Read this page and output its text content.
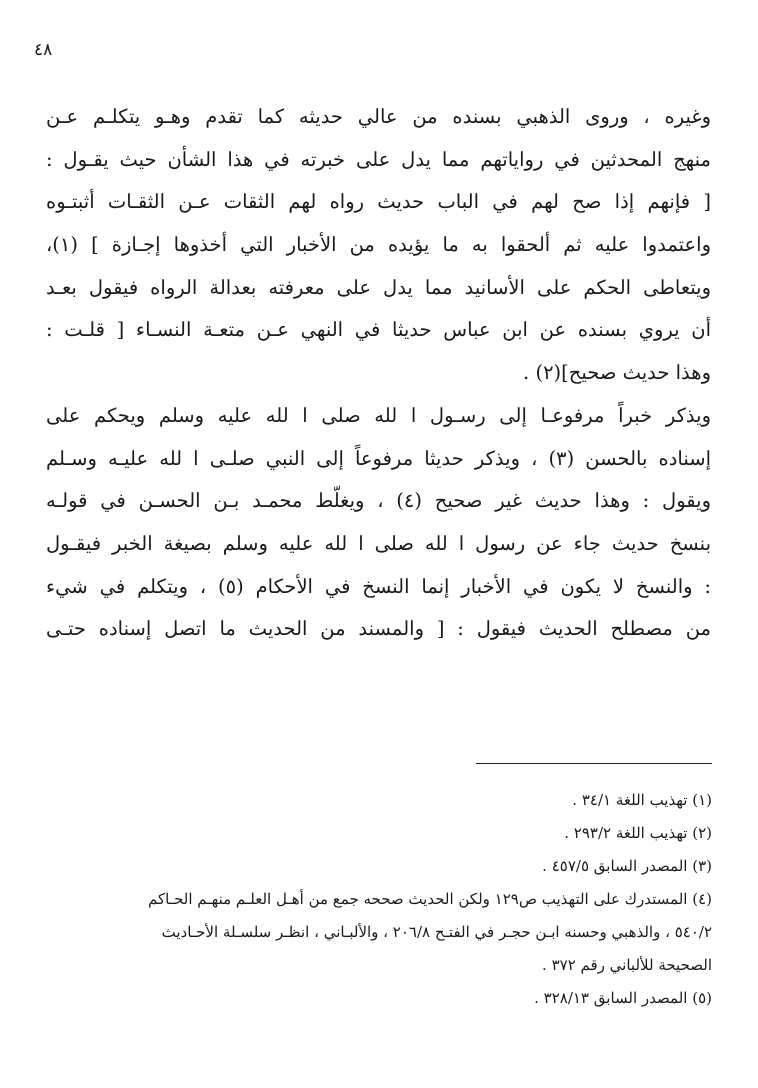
٤٨
وغيره ، وروى الذهبي بسنده من عالي حديثه كما تقدم وهـو يتكلـم عـن
منهج المحدثين في رواياتهم مما يدل على خبرته في هذا الشأن حيث يقـول :
[ فإنهم إذا صح لهم في الباب حديث رواه لهم الثقات عـن الثقـات أثبتـوه
واعتمدوا عليه ثم ألحقوا به ما يؤيده من الأخبار التي أخذوها إجـازة ] (١)،
ويتعاطى الحكم على الأسانيد مما يدل على معرفته بعدالة الرواه فيقول بعـد
أن يروي بسنده عن ابن عباس حديثا في النهي عـن متعـة النسـاء [ قلـت :
وهذا حديث صحيح](٢) .
ويذكر خبراً مرفوعـا إلى رسـول ا لله صلى ا لله عليه وسلم ويحكم على
إسناده بالحسن (٣) ، ويذكر حديثا مرفوعاً إلى النبي صلـى ا لله عليـه وسـلم
ويقول : وهذا حديث غير صحيح (٤) ، ويغلّط محمـد بـن الحسـن في قولـه
بنسخ حديث جاء عن رسول ا لله صلى ا لله عليه وسلم بصيغة الخبر فيقـول
: والنسخ لا يكون في الأخبار إنما النسخ في الأحكام (٥) ، ويتكلم في شيء
من مصطلح الحديث فيقول : [ والمسند من الحديث ما اتصل إسناده حتـى
(١) تهذيب اللغة ٣٤/١ .
(٢) تهذيب اللغة ٢٩٣/٢ .
(٣) المصدر السابق ٤٥٧/٥ .
(٤) المستدرك على التهذيب ص١٢٩ ولكن الحديث صححه جمع من أهـل العلـم منهـم الحـاكم
٥٤٠/٢ ، والذهبي وحسنه ابـن حجـر في الفتـح ٢٠٦/٨ ، والألبـاني ، انظـر سلسـلة الأحـاديث
الصحيحة للألباني رقم ٣٧٢ .
(٥) المصدر السابق ٣٢٨/١٣ .
